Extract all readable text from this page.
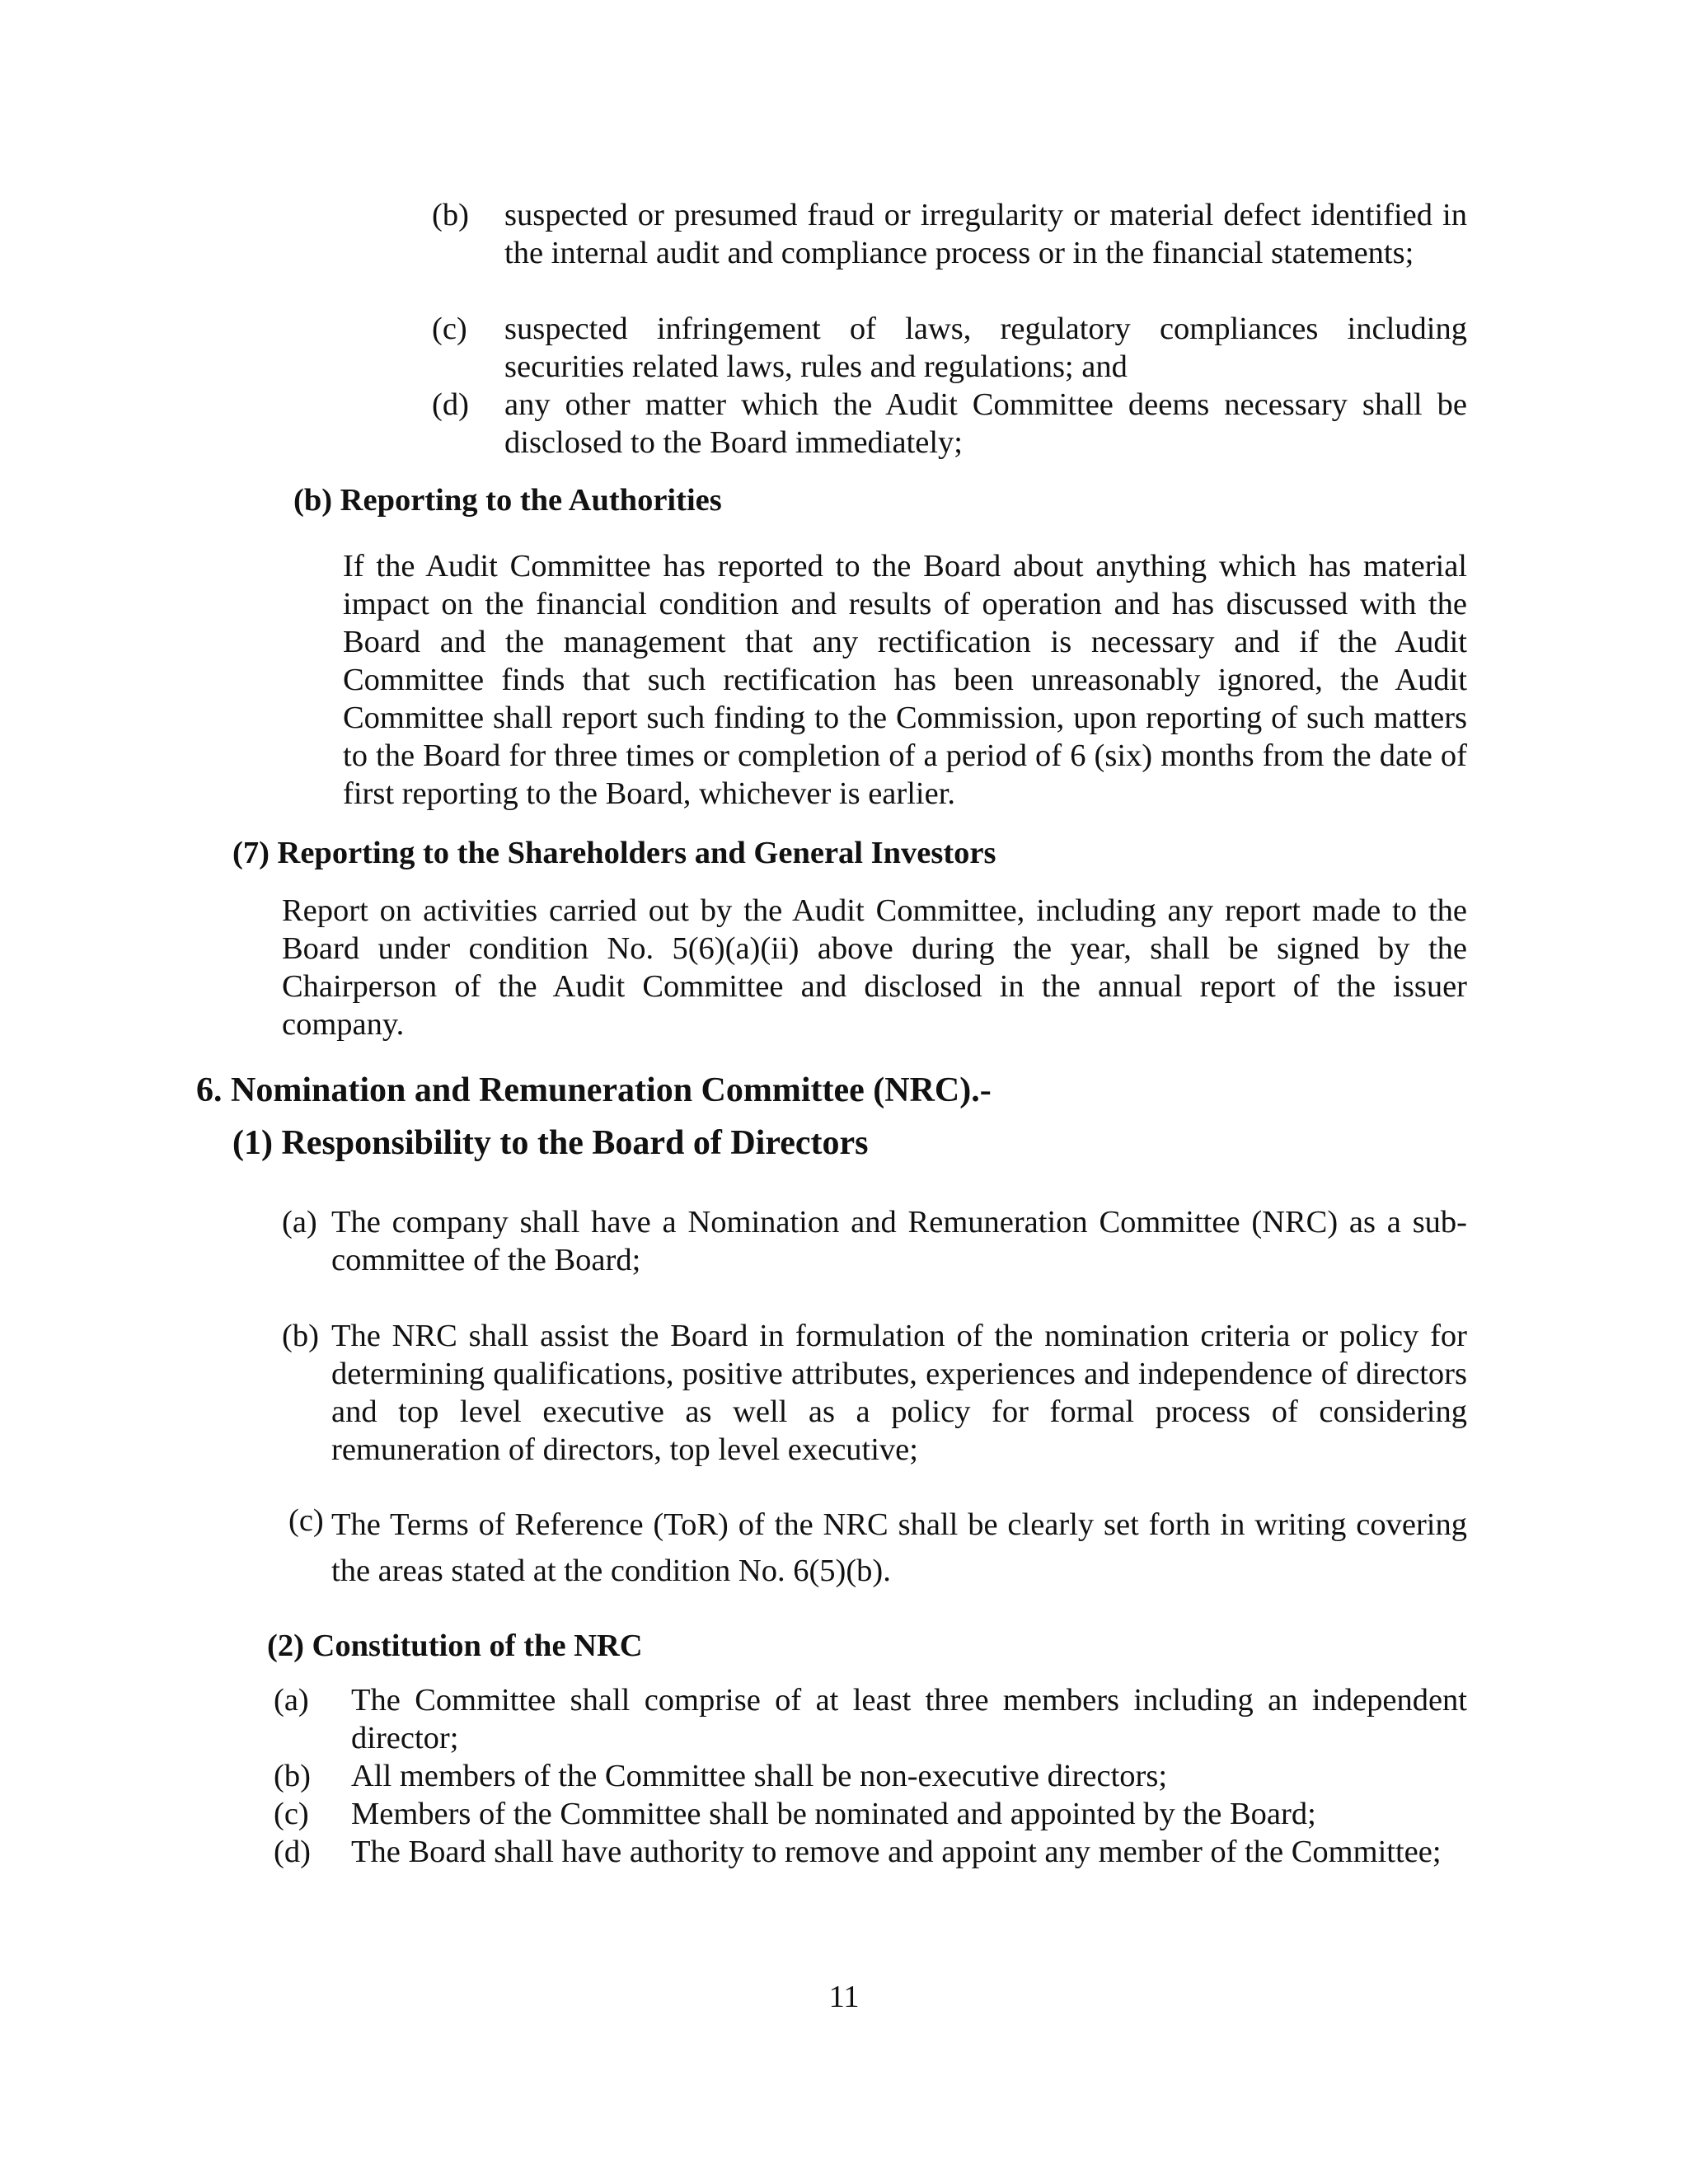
(b) suspected or presumed fraud or irregularity or material defect identified in the internal audit and compliance process or in the financial statements;
(c) suspected infringement of laws, regulatory compliances including securities related laws, rules and regulations; and
(d) any other matter which the Audit Committee deems necessary shall be disclosed to the Board immediately;
(b) Reporting to the Authorities
If the Audit Committee has reported to the Board about anything which has material impact on the financial condition and results of operation and has discussed with the Board and the management that any rectification is necessary and if the Audit Committee finds that such rectification has been unreasonably ignored, the Audit Committee shall report such finding to the Commission, upon reporting of such matters to the Board for three times or completion of a period of 6 (six) months from the date of first reporting to the Board, whichever is earlier.
(7) Reporting to the Shareholders and General Investors
Report on activities carried out by the Audit Committee, including any report made to the Board under condition No. 5(6)(a)(ii) above during the year, shall be signed by the Chairperson of the Audit Committee and disclosed in the annual report of the issuer company.
6. Nomination and Remuneration Committee (NRC).-
(1) Responsibility to the Board of Directors
(a) The company shall have a Nomination and Remuneration Committee (NRC) as a sub-committee of the Board;
(b) The NRC shall assist the Board in formulation of the nomination criteria or policy for determining qualifications, positive attributes, experiences and independence of directors and top level executive as well as a policy for formal process of considering remuneration of directors, top level executive;
(c) The Terms of Reference (ToR) of the NRC shall be clearly set forth in writing covering the areas stated at the condition No. 6(5)(b).
(2) Constitution of the NRC
(a) The Committee shall comprise of at least three members including an independent director;
(b) All members of the Committee shall be non-executive directors;
(c) Members of the Committee shall be nominated and appointed by the Board;
(d) The Board shall have authority to remove and appoint any member of the Committee;
11
